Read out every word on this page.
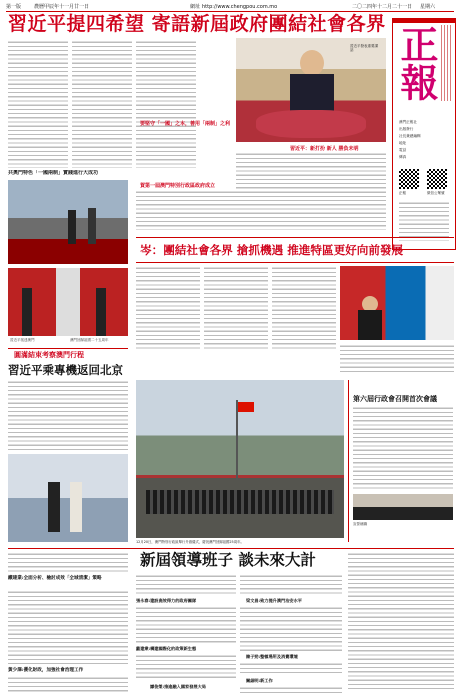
第一版	農曆甲辰年十一月廿一日	網址 http://www.chengpou.com.mo	二〇二四年十二月二十一日 星期六
習近平提四希望 寄語新屆政府團結社會各界
正報
澳門正報社
出版發行
社長兼總編輯
地址
電話
傳真
正報	微信公眾號
共奧門特色「一國兩制」實踐進行大成功
習近平抵達澳門	澳門回歸祖國二十五周年
習近平發表重要講話
要堅守「一國」之本，善用「兩制」之利
習近平：新打扮 新人 勝負未明
賀第一屆澳門特別行政區政府成立
岑：團結社會各界 搶抓機遇 推進特區更好向前發展
圓滿結束考察澳門行程
習近平乘專機返回北京
12月20日，澳門特別行政區舉行升旗儀式，慶祝澳門回歸祖國25周年。
第六屆行政會召開首次會議
宣誓就職
鐵建業:全面分析、檢討成效「全城清潔」策略
黃少澤:優化財政，加強社會治理工作
新屆領導班子 談未來大計
張永春:建設高效得力的政府團隊
戴建業:構建國際化的政策新生態
譚俊榮:推進融入國家發展大局
梁文昌:致力提升澳門治安水平
陳子勁:整頓場所及消費環境
關細明:新工作
